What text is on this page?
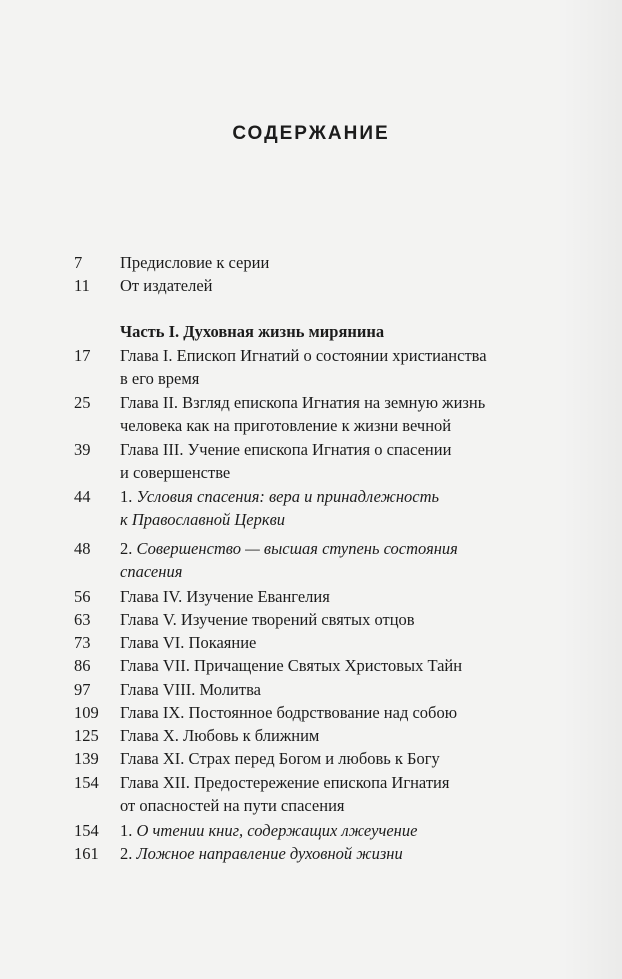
СОДЕРЖАНИЕ
7	Предисловие к серии
11	От издателей
Часть I. Духовная жизнь мирянина
17	Глава I. Епископ Игнатий о состоянии христианства
в его время
25	Глава II. Взгляд епископа Игнатия на земную жизнь
человека как на приготовление к жизни вечной
39	Глава III. Учение епископа Игнатия о спасении
и совершенстве
44	1. Условия спасения: вера и принадлежность
к Православной Церкви
48	2. Совершенство — высшая ступень состояния
спасения
56	Глава IV. Изучение Евангелия
63	Глава V. Изучение творений святых отцов
73	Глава VI. Покаяние
86	Глава VII. Причащение Святых Христовых Тайн
97	Глава VIII. Молитва
109	Глава IX. Постоянное бодрствование над собою
125	Глава X. Любовь к ближним
139	Глава XI. Страх перед Богом и любовь к Богу
154	Глава XII. Предостережение епископа Игнатия
от опасностей на пути спасения
154	1. О чтении книг, содержащих лжеучение
161	2. Ложное направление духовной жизни
